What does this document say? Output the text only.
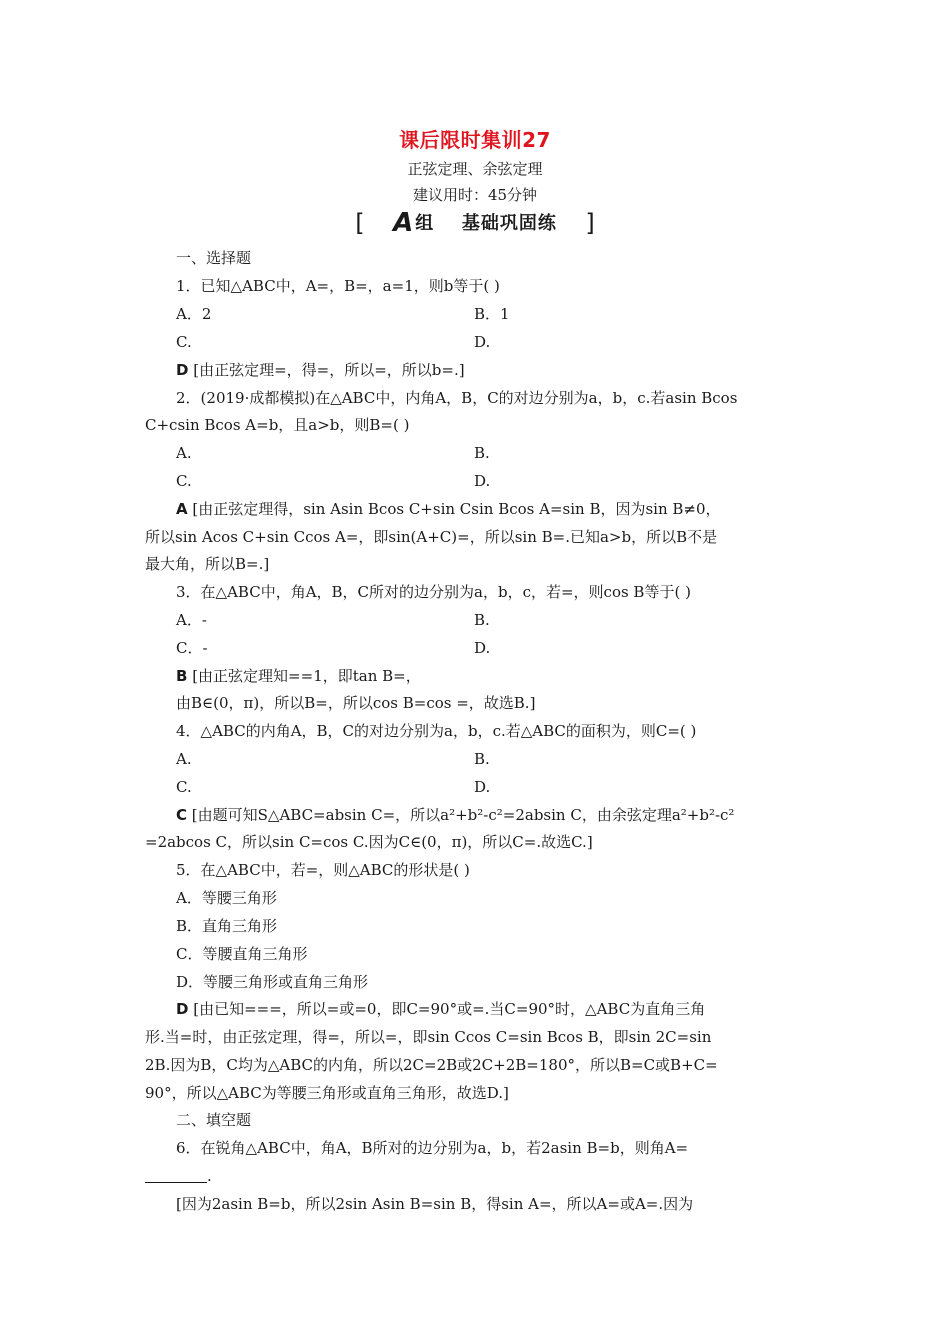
课后限时集训27
正弦定理、余弦定理
建议用时：45分钟
[ A 组 基础巩固练 ]
一、选择题
1．已知△ABC中，A=，B=，a=1，则b等于( )
A．2	B．1
C.	D.
D [由正弦定理=，得=，所以=，所以b=.]
2．(2019·成都模拟)在△ABC中，内角A，B，C的对边分别为a，b，c.若asin Bcos
C+csin Bcos A=b，且a>b，则B=( )
A.	B.
C.	D.
A [由正弦定理得，sin Asin Bcos C+sin Csin Bcos A=sin B，因为sin B≠0，
所以sin Acos C+sin Ccos A=，即sin(A+C)=，所以sin B=.已知a>b，所以B不是
最大角，所以B=.]
3．在△ABC中，角A，B，C所对的边分别为a，b，c，若=，则cos B等于( )
A．-	B.
C．-	D.
B [由正弦定理知==1，即tan B=，
由B∈(0，π)，所以B=，所以cos B=cos =，故选B.]
4．△ABC的内角A，B，C的对边分别为a，b，c.若△ABC的面积为，则C=( )
A.	B.
C.	D.
C [由题可知S△ABC=absin C=，所以a²+b²-c²=2absin C，由余弦定理a²+b²-c²
=2abcos C，所以sin C=cos C.因为C∈(0，π)，所以C=.故选C.]
5．在△ABC中，若=，则△ABC的形状是( )
A．等腰三角形
B．直角三角形
C．等腰直角三角形
D．等腰三角形或直角三角形
D [由已知===，所以=或=0，即C=90°或=.当C=90°时，△ABC为直角三角
形.当=时，由正弦定理，得=，所以=，即sin Ccos C=sin Bcos B，即sin 2C=sin
2B.因为B，C均为△ABC的内角，所以2C=2B或2C+2B=180°，所以B=C或B+C=
90°，所以△ABC为等腰三角形或直角三角形，故选D.]
二、填空题
6．在锐角△ABC中，角A，B所对的边分别为a，b，若2asin B=b，则角A=
.
[因为2asin B=b，所以2sin Asin B=sin B，得sin A=，所以A=或A=.因为
